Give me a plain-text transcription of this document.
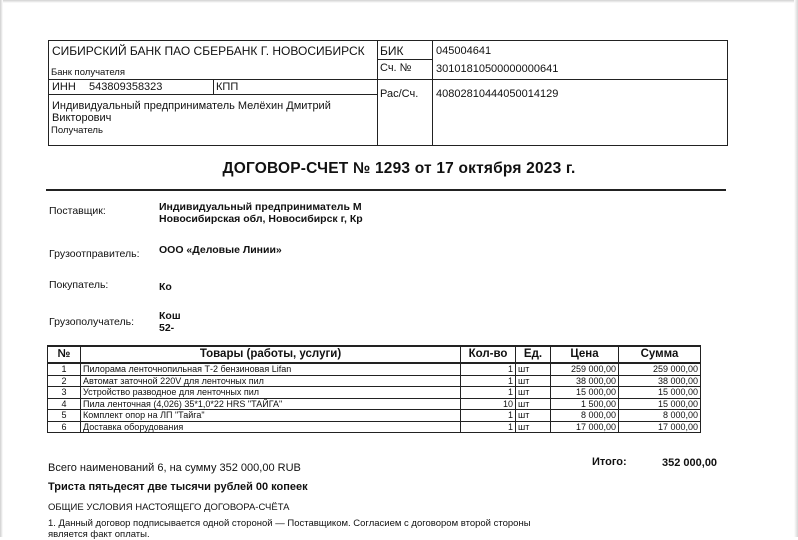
СИБИРСКИЙ БАНК ПАО СБЕРБАНК Г. НОВОСИБИРСК
Банк получателя
БИК	045004641
Сч. № 30101810500000000641
ИНН 543809358323	КПП
Рас/Сч. 40802810444050014129
Индивидуальный предприниматель Мелёхин Дмитрий
Викторович
Получатель
ДОГОВОР-СЧЕТ № 1293 от 17 октября 2023 г.
Поставщик:	Индивидуальный предприниматель М
Новосибирская обл, Новосибирск г, Кр
Грузоотправитель: ООО «Деловые Линии»
Покупатель:	Ко
Грузополучатель: Кош
52-
№	Товары (работы, услуги)	Кол-во	Ед.	Цена	Сумма
1	Пилорама ленточнопильная Т-2 бензиновая Lifan	1	шт	259 000,00	259 000,00
2	Автомат заточной 220V для ленточных пил	1	шт	38 000,00	38 000,00
3	Устройство разводное для ленточных пил	1	шт	15 000,00	15 000,00
4	Пила ленточная (4,026) 35*1,0*22 HRS "ТАЙГА"	10	шт	1 500,00	15 000,00
5	Комплект опор на ЛП "Тайга"	1	шт	8 000,00	8 000,00
6	Доставка оборудования	1	шт	17 000,00	17 000,00
Итого:	352 000,00
Всего наименований 6, на сумму 352 000,00 RUB
Триста пятьдесят две тысячи рублей 00 копеек
ОБЩИЕ УСЛОВИЯ НАСТОЯЩЕГО ДОГОВОРА-СЧЁТА
1. Данный договор подписывается одной стороной — Поставщиком. Согласием с договором второй стороны
является факт оплаты.
